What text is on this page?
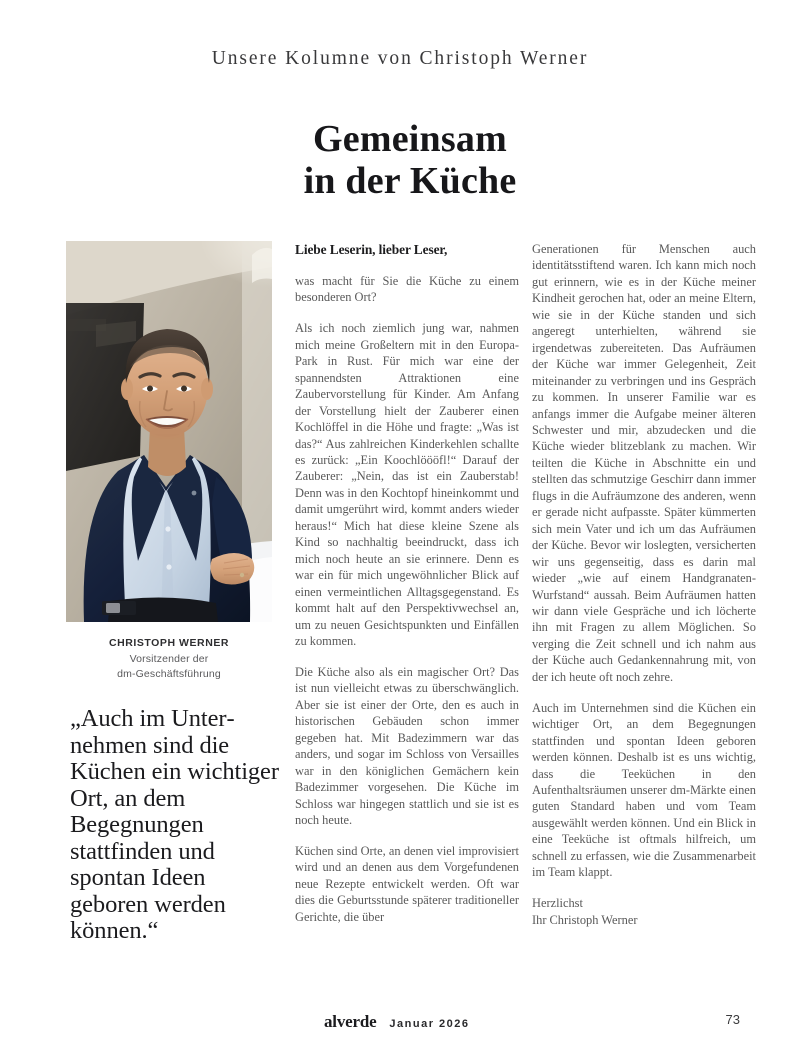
Unsere Kolumne von Christoph Werner
Gemeinsam
in der Küche
CHRISTOPH WERNER
Vorsitzender der
dm-Geschäftsführung
„Auch im Unternehmen sind die Küchen ein wichtiger Ort, an dem Begegnungen stattfinden und spontan Ideen geboren werden können.“

Liebe Leserin, lieber Leser,

was macht für Sie die Küche zu einem besonderen Ort?

Als ich noch ziemlich jung war, nahmen mich meine Großeltern mit in den Europa-Park in Rust. Für mich war eine der spannendsten Attraktionen eine Zaubervorstellung für Kinder. Am Anfang der Vorstellung hielt der Zauberer einen Kochlöffel in die Höhe und fragte: „Was ist das?“ Aus zahlreichen Kinderkehlen schallte es zurück: „Ein Koochlöööfl!“ Darauf der Zauberer: „Nein, das ist ein Zauberstab! Denn was in den Kochtopf hineinkommt und damit umgerührt wird, kommt anders wieder heraus!“ Mich hat diese kleine Szene als Kind so nachhaltig beeindruckt, dass ich mich noch heute an sie erinnere. Denn es war ein für mich ungewöhnlicher Blick auf einen vermeintlichen Alltagsgegenstand. Es kommt halt auf den Perspektivwechsel an, um zu neuen Gesichtspunkten und Einfällen zu kommen.

Die Küche also als ein magischer Ort? Das ist nun vielleicht etwas zu überschwänglich. Aber sie ist einer der Orte, den es auch in historischen Gebäuden schon immer gegeben hat. Mit Badezimmern war das anders, und sogar im Schloss von Versailles war in den königlichen Gemächern kein Badezimmer vorgesehen. Die Küche im Schloss war hingegen stattlich und sie ist es noch heute.

Küchen sind Orte, an denen viel improvisiert wird und an denen aus dem Vorgefundenen neue Rezepte entwickelt werden. Oft war dies die Geburtsstunde späterer traditioneller Gerichte, die über

Generationen für Menschen auch identitätsstiftend waren. Ich kann mich noch gut erinnern, wie es in der Küche meiner Kindheit gerochen hat, oder an meine Eltern, wie sie in der Küche standen und sich angeregt unterhielten, während sie irgendetwas zubereiteten. Das Aufräumen der Küche war immer Gelegenheit, Zeit miteinander zu verbringen und ins Gespräch zu kommen. In unserer Familie war es anfangs immer die Aufgabe meiner älteren Schwester und mir, abzudecken und die Küche wieder blitzeblank zu machen. Wir teilten die Küche in Abschnitte ein und stellten das schmutzige Geschirr dann immer flugs in die Aufräumzone des anderen, wenn er gerade nicht aufpasste. Später kümmerten sich mein Vater und ich um das Aufräumen der Küche. Bevor wir loslegten, versicherten wir uns gegenseitig, dass es darin mal wieder „wie auf einem Handgranaten-Wurfstand“ aussah. Beim Aufräumen hatten wir dann viele Gespräche und ich löcherte ihn mit Fragen zu allem Möglichen. So verging die Zeit schnell und ich nahm aus der Küche auch Gedankennahrung mit, von der ich heute oft noch zehre.

Auch im Unternehmen sind die Küchen ein wichtiger Ort, an dem Begegnungen stattfinden und spontan Ideen geboren werden können. Deshalb ist es uns wichtig, dass die Teeküchen in den Aufenthaltsräumen unserer dm-Märkte einen guten Standard haben und vom Team ausgewählt werden können. Und ein Blick in eine Teeküche ist oftmals hilfreich, um schnell zu erfassen, wie die Zusammenarbeit im Team klappt.

Herzlichst

Ihr Christoph Werner

alverde Januar 2026	73
